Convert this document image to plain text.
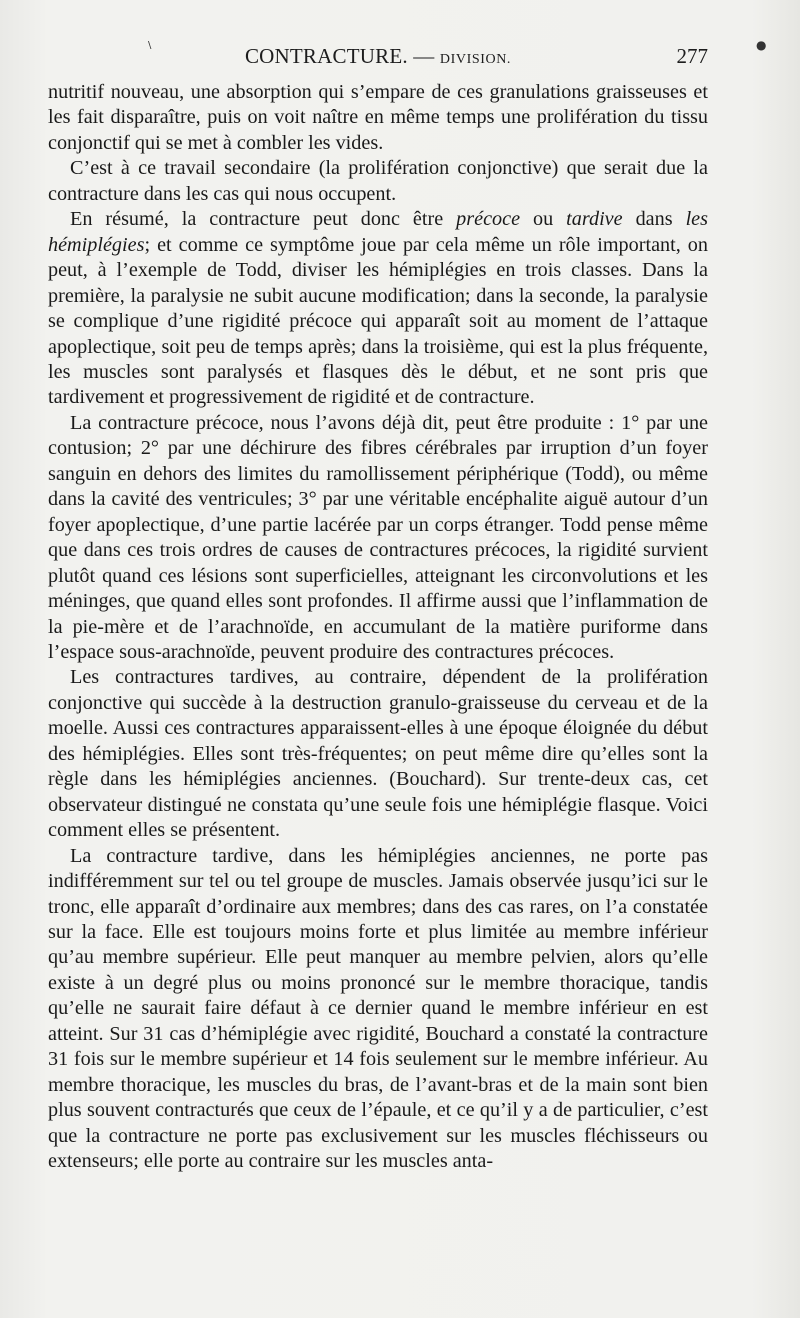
CONTRACTURE. — DIVISION.	277
\	●

nutritif nouveau, une absorption qui s’empare de ces granulations graisseuses et les fait disparaître, puis on voit naître en même temps une prolifération du tissu conjonctif qui se met à combler les vides.

C’est à ce travail secondaire (la prolifération conjonctive) que serait due la contracture dans les cas qui nous occupent.

En résumé, la contracture peut donc être précoce ou tardive dans les hémiplégies; et comme ce symptôme joue par cela même un rôle important, on peut, à l’exemple de Todd, diviser les hémiplégies en trois classes. Dans la première, la paralysie ne subit aucune modification; dans la seconde, la paralysie se complique d’une rigidité précoce qui apparaît soit au moment de l’attaque apoplectique, soit peu de temps après; dans la troisième, qui est la plus fréquente, les muscles sont paralysés et flasques dès le début, et ne sont pris que tardivement et progressivement de rigidité et de contracture.

La contracture précoce, nous l’avons déjà dit, peut être produite : 1° par une contusion; 2° par une déchirure des fibres cérébrales par irruption d’un foyer sanguin en dehors des limites du ramollissement périphérique (Todd), ou même dans la cavité des ventricules; 3° par une véritable encéphalite aiguë autour d’un foyer apoplectique, d’une partie lacérée par un corps étranger. Todd pense même que dans ces trois ordres de causes de contractures précoces, la rigidité survient plutôt quand ces lésions sont superficielles, atteignant les circonvolutions et les méninges, que quand elles sont profondes. Il affirme aussi que l’inflammation de la pie-mère et de l’arachnoïde, en accumulant de la matière puriforme dans l’espace sous-arachnoïde, peuvent produire des contractures précoces.

Les contractures tardives, au contraire, dépendent de la prolifération conjonctive qui succède à la destruction granulo-graisseuse du cerveau et de la moelle. Aussi ces contractures apparaissent-elles à une époque éloignée du début des hémiplégies. Elles sont très-fréquentes; on peut même dire qu’elles sont la règle dans les hémiplégies anciennes. (Bouchard). Sur trente-deux cas, cet observateur distingué ne constata qu’une seule fois une hémiplégie flasque. Voici comment elles se présentent.

La contracture tardive, dans les hémiplégies anciennes, ne porte pas indifféremment sur tel ou tel groupe de muscles. Jamais observée jusqu’ici sur le tronc, elle apparaît d’ordinaire aux membres; dans des cas rares, on l’a constatée sur la face. Elle est toujours moins forte et plus limitée au membre inférieur qu’au membre supérieur. Elle peut manquer au membre pelvien, alors qu’elle existe à un degré plus ou moins prononcé sur le membre thoracique, tandis qu’elle ne saurait faire défaut à ce dernier quand le membre inférieur en est atteint. Sur 31 cas d’hémiplégie avec rigidité, Bouchard a constaté la contracture 31 fois sur le membre supérieur et 14 fois seulement sur le membre inférieur. Au membre thoracique, les muscles du bras, de l’avant-bras et de la main sont bien plus souvent contracturés que ceux de l’épaule, et ce qu’il y a de particulier, c’est que la contracture ne porte pas exclusivement sur les muscles fléchisseurs ou extenseurs; elle porte au contraire sur les muscles anta-
